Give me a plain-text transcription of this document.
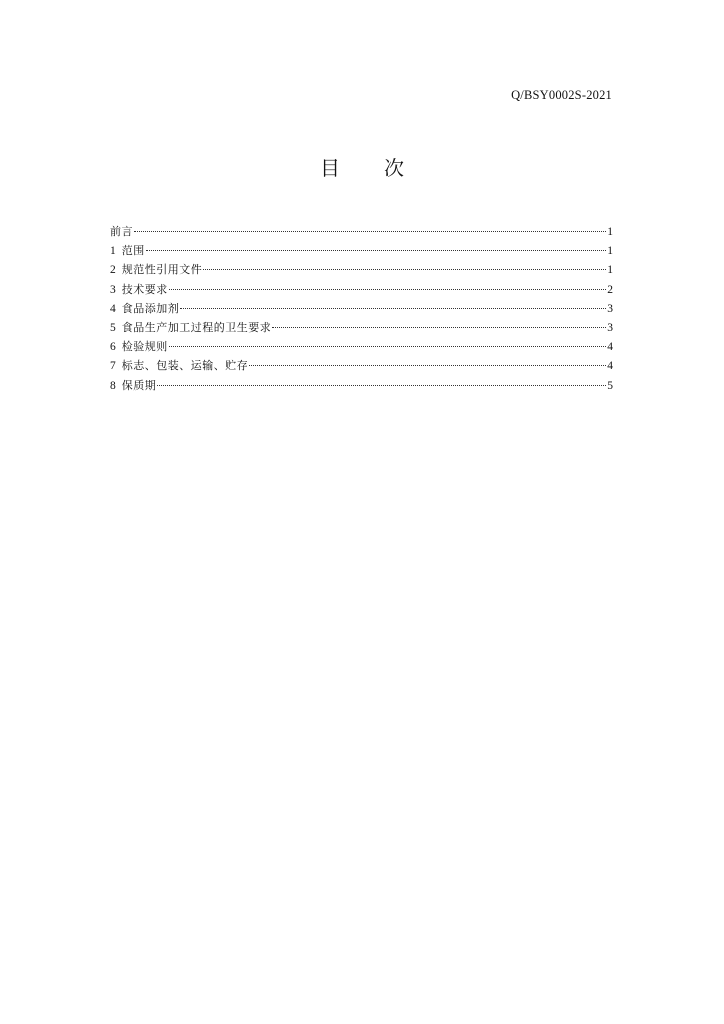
Q/BSY0002S-2021
目 次
前言	1
1 范围	1
2 规范性引用文件	1
3 技术要求	2
4 食品添加剂	3
5 食品生产加工过程的卫生要求	3
6 检验规则	4
7 标志、包装、运输、贮存	4
8 保质期	5
